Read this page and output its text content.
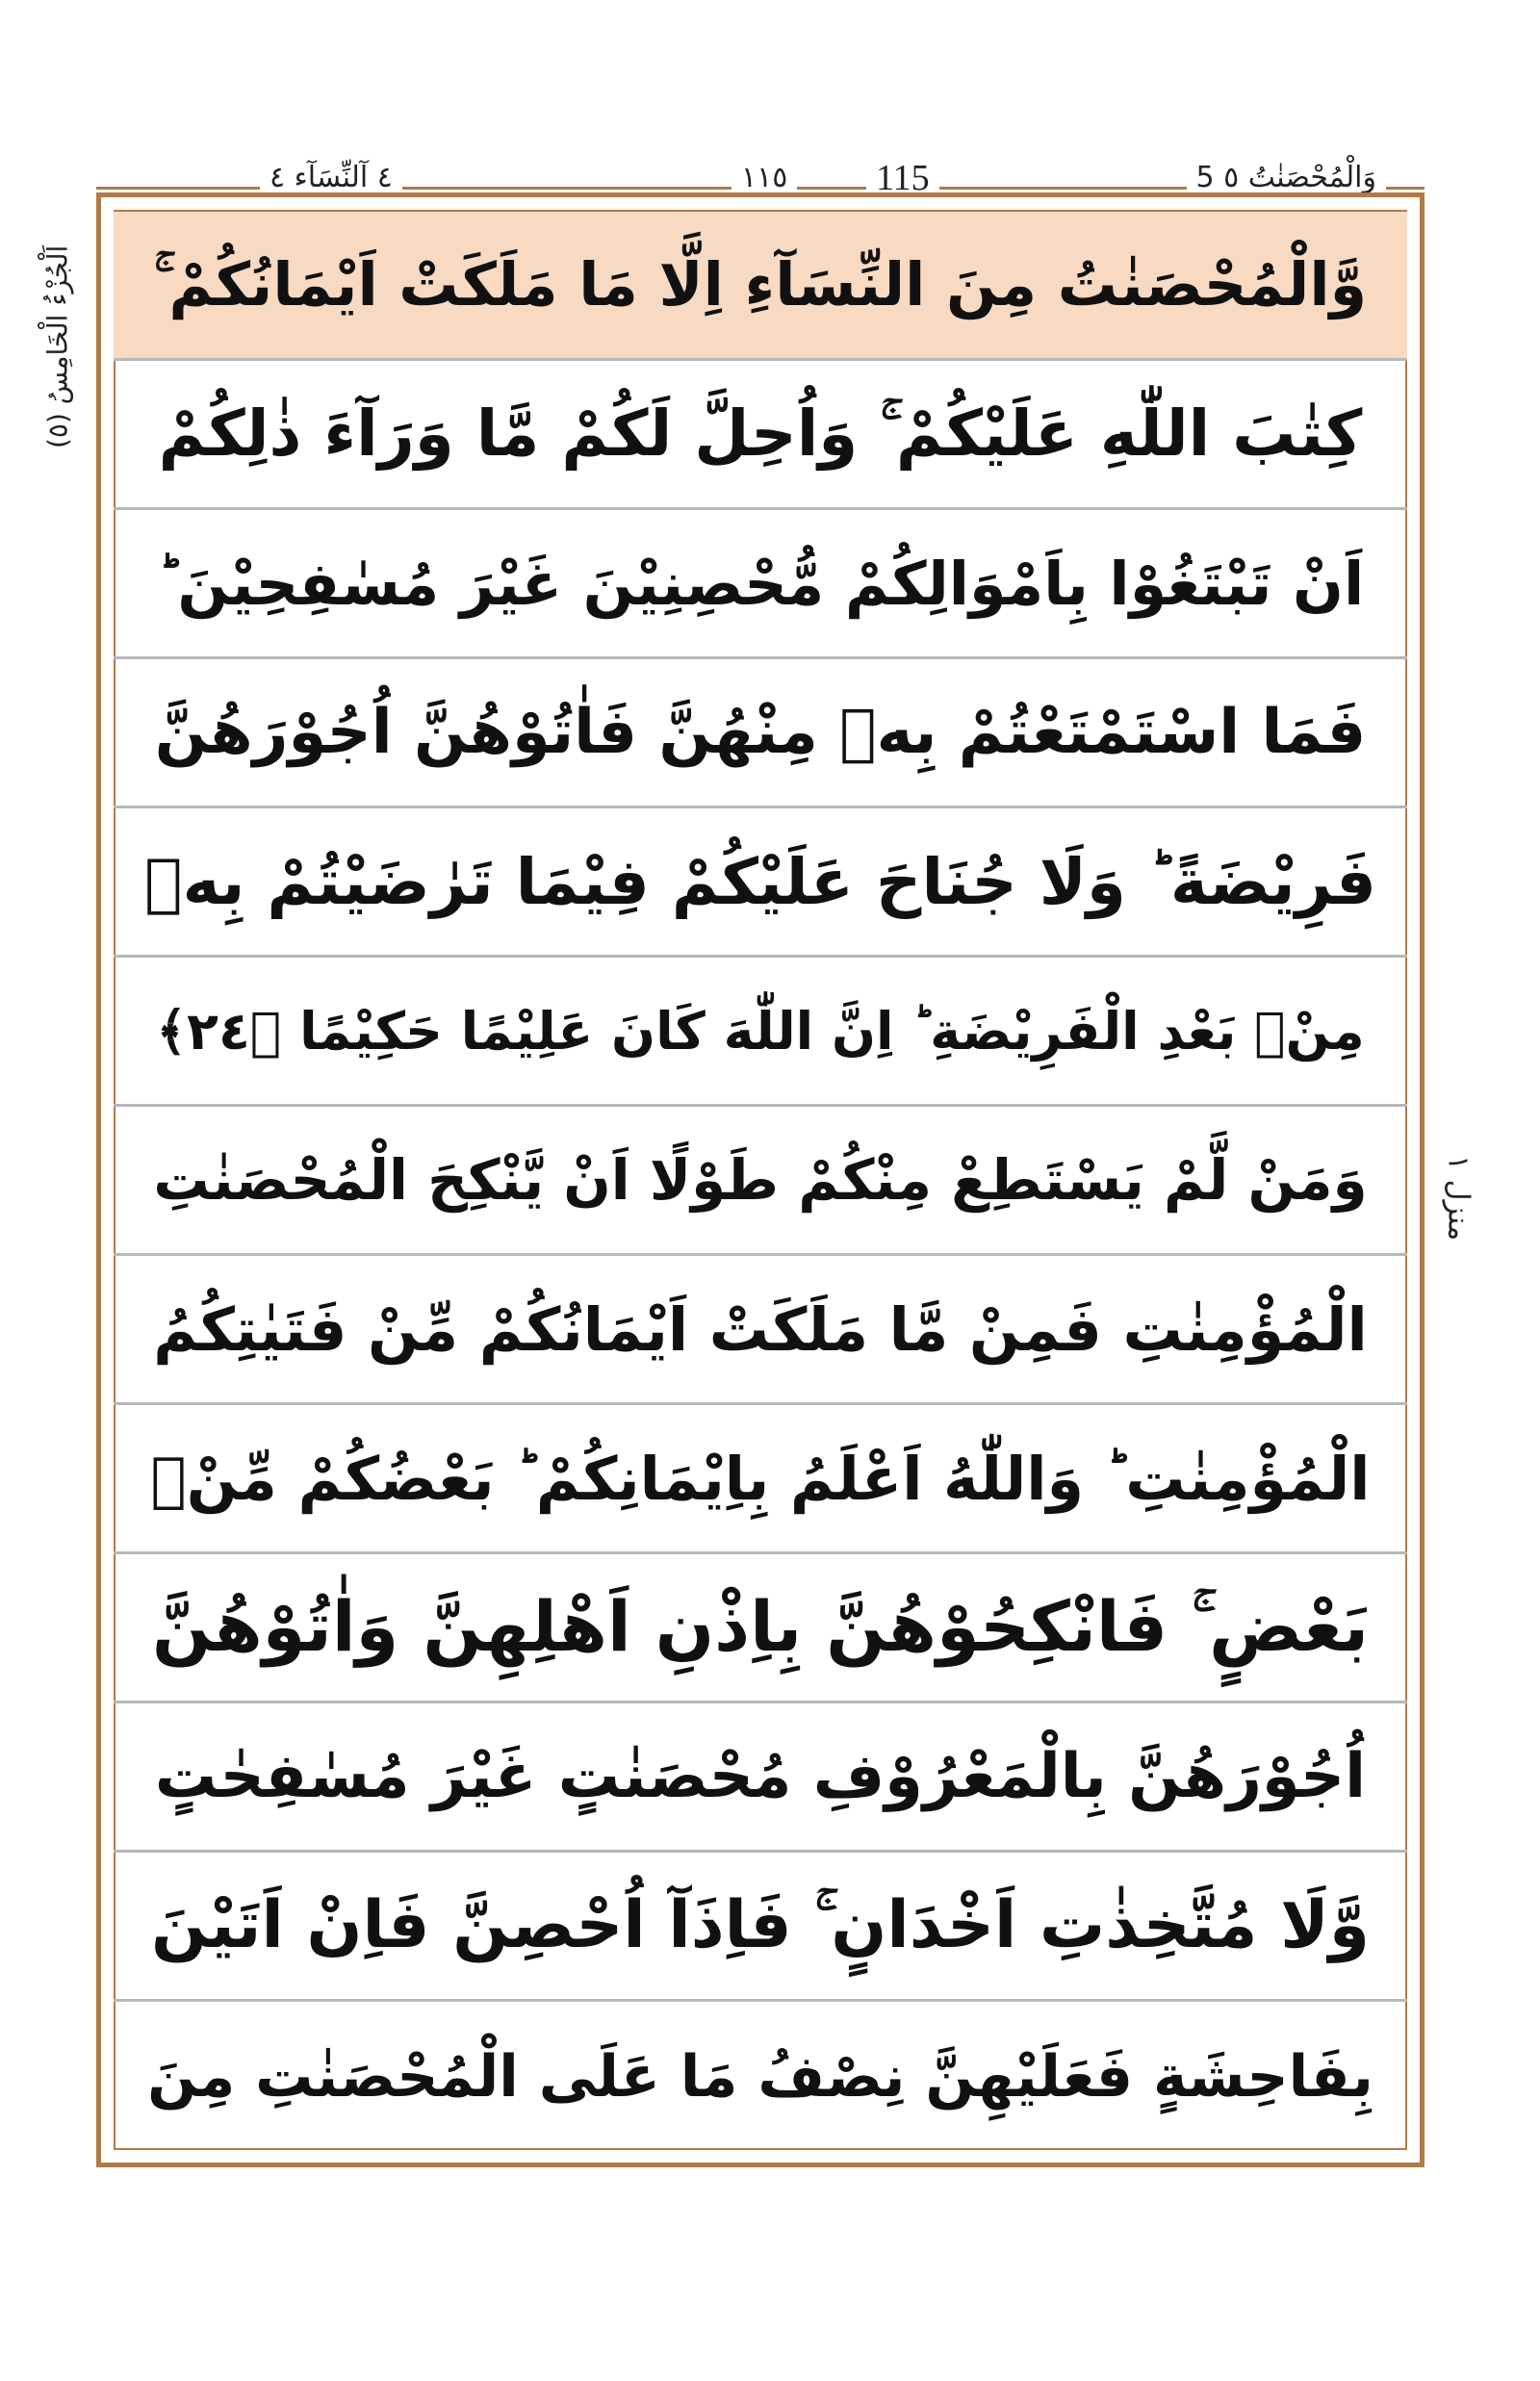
٤ آلنِّسَآء ٤	١١٥ 115	وَالْمُحْصَنٰتُ ٥ 5
اَلْجُزْءُ الْخَامِسُ (٥)
منزل ١
وَّالْمُحْصَنٰتُ مِنَ النِّسَآءِ اِلَّا مَا مَلَكَتْ اَيْمَانُكُمْ ۚ
كِتٰبَ اللّٰهِ عَلَيْكُمْ ۚ وَاُحِلَّ لَكُمْ مَّا وَرَآءَ ذٰلِكُمْ
اَنْ تَبْتَغُوْا بِاَمْوَالِكُمْ مُّحْصِنِيْنَ غَيْرَ مُسٰفِحِيْنَ ؕ
فَمَا اسْتَمْتَعْتُمْ بِهٖ مِنْهُنَّ فَاٰتُوْهُنَّ اُجُوْرَهُنَّ
فَرِيْضَةً ؕ وَلَا جُنَاحَ عَلَيْكُمْ فِيْمَا تَرٰضَيْتُمْ بِهٖ
مِنْۢ بَعْدِ الْفَرِيْضَةِ ؕ اِنَّ اللّٰهَ كَانَ عَلِيْمًا حَكِيْمًا ﴿٢٤﴾
وَمَنْ لَّمْ يَسْتَطِعْ مِنْكُمْ طَوْلًا اَنْ يَّنْكِحَ الْمُحْصَنٰتِ
الْمُؤْمِنٰتِ فَمِنْ مَّا مَلَكَتْ اَيْمَانُكُمْ مِّنْ فَتَيٰتِكُمُ
الْمُؤْمِنٰتِ ؕ وَاللّٰهُ اَعْلَمُ بِاِيْمَانِكُمْ ؕ بَعْضُكُمْ مِّنْۢ
بَعْضٍ ۚ فَانْكِحُوْهُنَّ بِاِذْنِ اَهْلِهِنَّ وَاٰتُوْهُنَّ
اُجُوْرَهُنَّ بِالْمَعْرُوْفِ مُحْصَنٰتٍ غَيْرَ مُسٰفِحٰتٍ
وَّلَا مُتَّخِذٰتِ اَخْدَانٍ ۚ فَاِذَآ اُحْصِنَّ فَاِنْ اَتَيْنَ
بِفَاحِشَةٍ فَعَلَيْهِنَّ نِصْفُ مَا عَلَى الْمُحْصَنٰتِ مِنَ
